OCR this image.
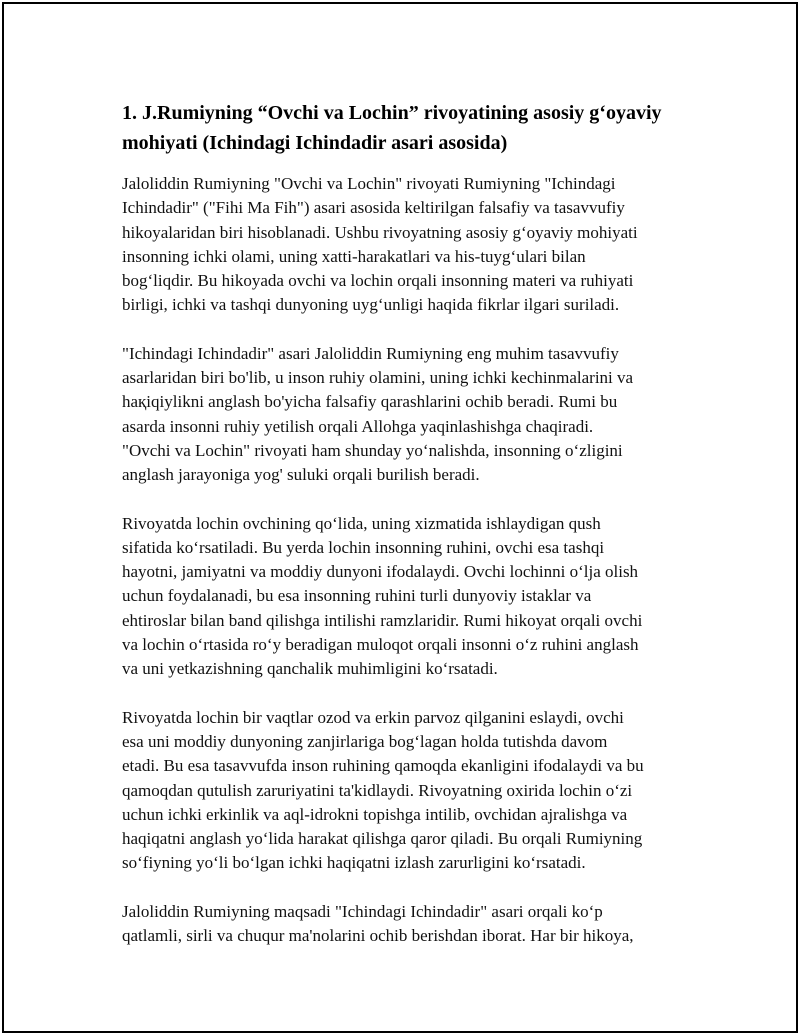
1. J.Rumiyning “Ovchi va Lochin” rivoyatining asosiy g‘oyaviy
mohiyati (Ichindagi Ichindadir asari asosida)

Jaloliddin Rumiyning "Ovchi va Lochin" rivoyati Rumiyning "Ichindagi
Ichindadir" ("Fihi Ma Fih") asari asosida keltirilgan falsafiy va tasavvufiy
hikoyalaridan biri hisoblanadi. Ushbu rivoyatning asosiy g‘oyaviy mohiyati
insonning ichki olami, uning xatti-harakatlari va his-tuyg‘ulari bilan
bog‘liqdir. Bu hikoyada ovchi va lochin orqali insonning materi va ruhiyati
birligi, ichki va tashqi dunyoning uyg‘unligi haqida fikrlar ilgari suriladi.

"Ichindagi Ichindadir" asari Jaloliddin Rumiyning eng muhim tasavvufiy
asarlaridan biri bo'lib, u inson ruhiy olamini, uning ichki kechinmalarini va
haқiqiylikni anglash bo'yicha falsafiy qarashlarini ochib beradi. Rumi bu
asarda insonni ruhiy yetilish orqali Allohga yaqinlashishga chaqiradi.
"Ovchi va Lochin" rivoyati ham shunday yo‘nalishda, insonning o‘zligini
anglash jarayoniga yog' suluki orqali burilish beradi.

Rivoyatda lochin ovchining qo‘lida, uning xizmatida ishlaydigan qush
sifatida ko‘rsatiladi. Bu yerda lochin insonning ruhini, ovchi esa tashqi
hayotni, jamiyatni va moddiy dunyoni ifodalaydi. Ovchi lochinni o‘lja olish
uchun foydalanadi, bu esa insonning ruhini turli dunyoviy istaklar va
ehtiroslar bilan band qilishga intilishi ramzlaridir. Rumi hikoyat orqali ovchi
va lochin o‘rtasida ro‘y beradigan muloqot orqali insonni o‘z ruhini anglash
va uni yetkazishning qanchalik muhimligini ko‘rsatadi.

Rivoyatda lochin bir vaqtlar ozod va erkin parvoz qilganini eslaydi, ovchi
esa uni moddiy dunyoning zanjirlariga bog‘lagan holda tutishda davom
etadi. Bu esa tasavvufda inson ruhining qamoqda ekanligini ifodalaydi va bu
qamoqdan qutulish zaruriyatini ta'kidlaydi. Rivoyatning oxirida lochin o‘zi
uchun ichki erkinlik va aql-idrokni topishga intilib, ovchidan ajralishga va
haqiqatni anglash yo‘lida harakat qilishga qaror qiladi. Bu orqali Rumiyning
so‘fiyning yo‘li bo‘lgan ichki haqiqatni izlash zarurligini ko‘rsatadi.

Jaloliddin Rumiyning maqsadi "Ichindagi Ichindadir" asari orqali ko‘p
qatlamli, sirli va chuqur ma'nolarini ochib berishdan iborat. Har bir hikoya,
